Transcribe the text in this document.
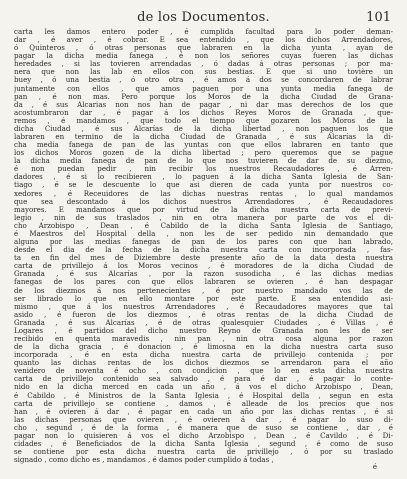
de los Documentos.	101
carta les damos entero poder , é cumplida facultad para lo poder deman-
dar , é aver , é cobrar. E sea entendido , que los dichos Arrendadores,
ó Quinteros , ó otras personas que labraren en la dicha yunta , ayan de
pagar la dicha media fanega , é non los señores cuyas fueren las dichas
heredades , si las tovieren arrendadas , ó dadas á otras personas ; por ma-
nera que non las lab en ellos con sus bestias. E que si uno tovière un
buey , ó una bestia , ó otro otra , é amos á dos se concordaren de labrar
juntamente con ellos , que amos paguen por una yunta media fanega de
pan , é non mas. Pero porque los Moros de la dicha Ciudad de Grana-
da , é sus Alcarias non nos han de pagar , ni dar mas derechos de los que
acostumbraron dar , é pagar á los dichos Reyes Moros de Granada , que-
remos , é mandamos , que todo el tiempo que gozaren los Moros de la
dicha Ciudad , é sus Alcarías de la dicha libertad , non paguen los que
labraren en termino de la dicha Ciudad de Granada , é sus Alcarías la di-
cha media fanega de pan de las yuntas con que ellos labraren en tanto que
los dichos Moros gozen de la dicha libertad ; pero queremos que se pague
la dicha media fanega de pan de lo que nos tuvieren de dar de su diezmo,
é non puedan pedir , nin recibir los nuestros Recaudadores , é Arren-
dadores , é si lo recibieren , lo paguen á la dicha Santa Iglesia de San-
tiago , é se le descuente lo que asi dieren de cada yunta por nuestros co-
xedores , é Receuidores de las dichas nuestras rentas , lo qual mandamos
que sea descontado á los dichos nuestros Arrendadores , é Recaudadores
mayores. E mandamos que por virtud de la dicha nuestra carta de previ-
legio , nin de sus traslados , nin en otra manera por parte de vos el di-
cho Arzobispo , Dean , é Cabildo de la dicha Santa Iglesia de Santiago,
é Maestros del Hospital della , non les de ser pedido nin demandado que
alguna por las medias fanegas de pan de los pares con que han labrado,
desde el dia de la fecha de la dicha nuestra carta con incorporada , fas-
ta en fin del mes de Diziembre deste presente año de la data desta nuestra
carta de privillejo á los Moros vecinos , é moradores de la dicha Ciudad de
Granada , é sus Alcarías , por la razon susodicha , é las dichas medias
fanegas de los pares con que ellos labraren se ovieren , é han despagar
de los diezmos á nos pertenecientes , é por nuestro mandado vos las de
ser librado lo que en ello montare por este parte. E sea entendido asi-
mismo , que á los nuestros Arrendadores , é Recaudadores mayores que tal
asido , é fueron de los diezmos , é otras rentas de la dicha Ciudad de
Granada , é sus Alcarías , é de otras qualesquier Ciudades , é Villas , é
Logares , é partidos del dicho nuestro Reyno de Granada non les de ser
recibido en quenta maravedis , nin pan , nin otra cosa alguna por razon
de la dicha gracia , é donacion , é limosna en la dicha nuestra carta suso
incorporada , é en esta dicha nuestra carta de privillejo contenida ; por
quanto las dichas rentas de los dichos diezmos se arrendaron para el año
venidero de noventa é ocho , con condicion , que lo en esta dicha nuestra
carta de privillejo contenido sea salvado , é para é dar , é pagar lo conte-
nido en la dicha merced en cada un año , á vos el dicho Arzobispo , Dean,
é Cabildo , é Ministros de la Santa Iglesia , é Hospital della , segun en esta
carta de privillejo se contiene , damos , é alleade de los precios que nos
han , é ovieren á dar , é pagar en cada un año por las dichas rentas , é si
las dichas personas que ovieren , é ovieren á dar , é pagar lo suso di-
cho , segund , é de la forma , é manera que de suso se contiene , dar , é
pagar non lo quisieren á vos el dicho Arzobispo , Dean , é Cavildo , é Di-
cidades , é Beneficiados de la dicha Santa Iglesia , segund , é como de suso
se contiene por esta dicha nuestra carta de privillejo , ó por su traslado
signado , como dicho es , mandamos , é damos poder cumplido á todas ,
é
